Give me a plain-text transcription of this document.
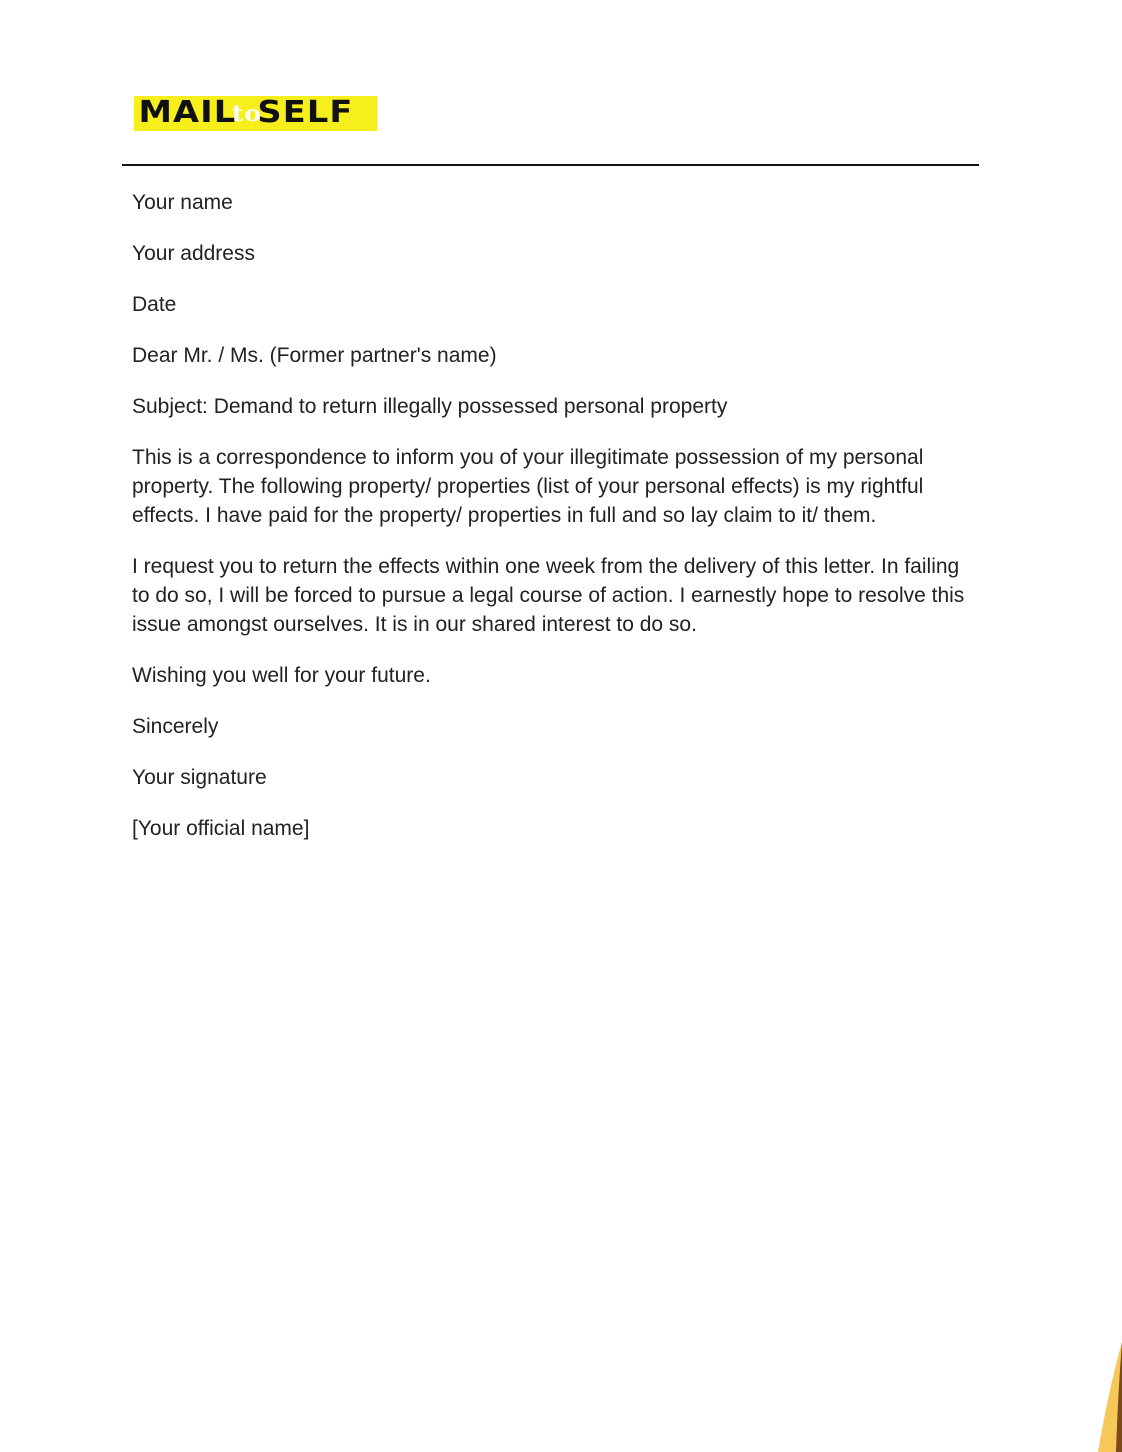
MAILtoSELF

Your name

Your address

Date

Dear Mr. / Ms. (Former partner's name)

Subject: Demand to return illegally possessed personal property

This is a correspondence to inform you of your illegitimate possession of my personal property. The following property/ properties (list of your personal effects) is my rightful effects. I have paid for the property/ properties in full and so lay claim to it/ them.

I request you to return the effects within one week from the delivery of this letter. In failing to do so, I will be forced to pursue a legal course of action. I earnestly hope to resolve this issue amongst ourselves. It is in our shared interest to do so.

Wishing you well for your future.

Sincerely

Your signature

[Your official name]
